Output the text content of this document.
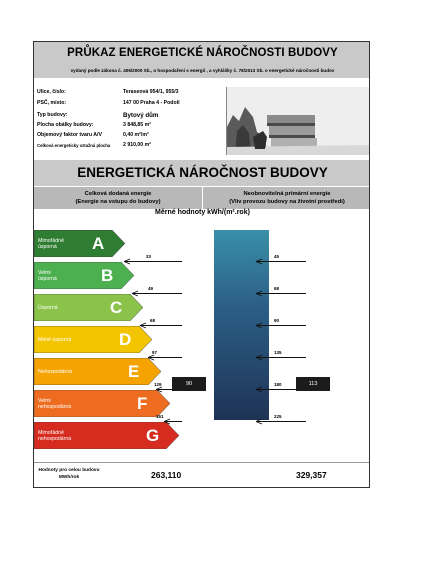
PRŮKAZ ENERGETICKÉ NÁROČNOSTI BUDOVY
vydaný podle zákona č. 406/2000 Sb., o hospodaření s energií , a vyhlášky č. 78/2013 Sb. o energetické náročnosti budov
Ulice, číslo:	Teraseová 954/1, 955/3
PSČ, místo:	147 00 Praha 4 - Podolí
Typ budovy:	Bytový dům
Plocha obálky budovy:	3 848,85 m²
Objemový faktor tvaru A/V	0,40 m²/m³
Celková energeticky vztažná plocha	2 910,00 m²
ENERGETICKÁ NÁROČNOST BUDOVY
Celková dodaná energie
(Energie na vstupu do budovy)
Neobnovitelná primární energie
(Vliv provozu budovy na životní prostředí)
Měrné hodnoty kWh/(m².rok)
Mimořádně
úsporná	A
Velmi
úsporná	B
Úsporná	C
Méně úsporná	D
Nehospodárná	E
Velmi
nehospodárná	F
Mimořádně
nehospodárná	G
33
49
68
97
129
161
45
68
90
135
180
225
90	113
Hodnoty pro celou budovu
MWh/rok	263,110	329,357
